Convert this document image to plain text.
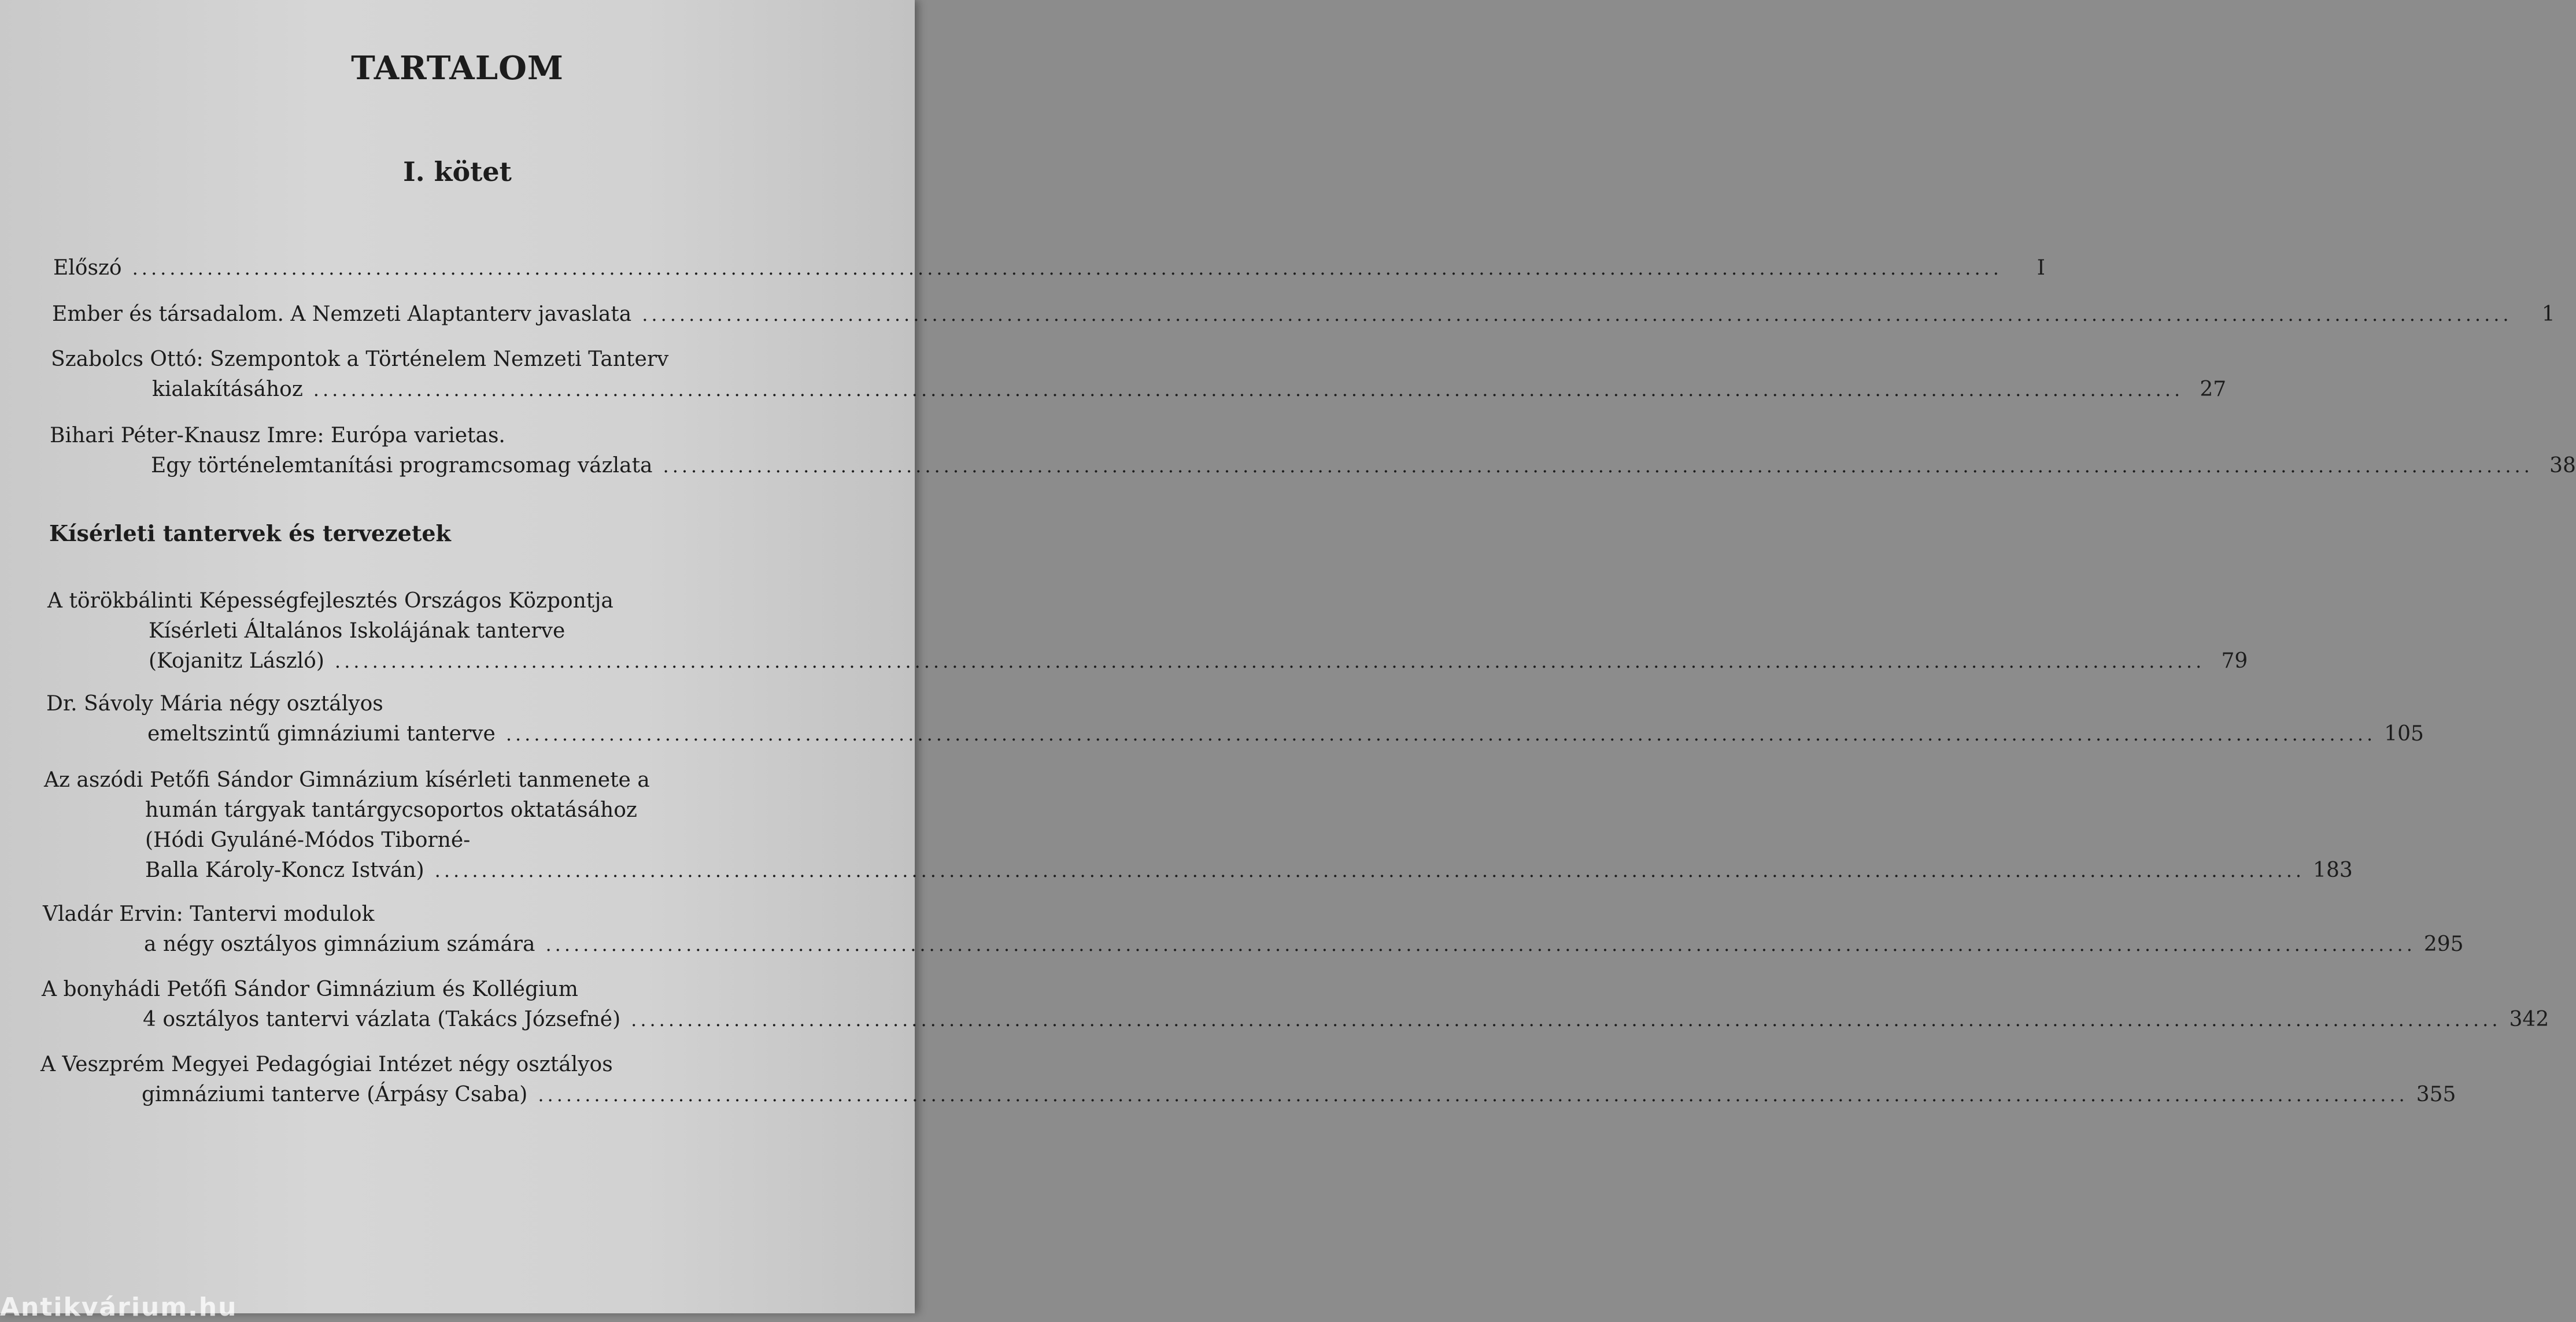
TARTALOM
I. kötet
Kísérleti tantervek és tervezetek
Előszó ........................................................................................................................................................................................................	I
Ember és társadalom. A Nemzeti Alaptanterv javaslata ........................................................................................................................................................................................................	1
Szabolcs Ottó: Szempontok a Történelem Nemzeti Tanterv
kialakításához ........................................................................................................................................................................................................ 27
Bihari Péter-Knausz Imre: Európa varietas.
Egy történelemtanítási programcsomag vázlata ........................................................................................................................................................................................................ 38
A törökbálinti Képességfejlesztés Országos Központja
Kísérleti Általános Iskolájának tanterve
(Kojanitz László) ........................................................................................................................................................................................................ 79
Dr. Sávoly Mária négy osztályos
emeltszintű gimnáziumi tanterve ........................................................................................................................................................................................................ 105
Az aszódi Petőfi Sándor Gimnázium kísérleti tanmenete a
humán tárgyak tantárgycsoportos oktatásához
(Hódi Gyuláné-Módos Tiborné-
Balla Károly-Koncz István) ........................................................................................................................................................................................................ 183
Vladár Ervin: Tantervi modulok
a négy osztályos gimnázium számára ........................................................................................................................................................................................................ 295
A bonyhádi Petőfi Sándor Gimnázium és Kollégium
4 osztályos tantervi vázlata (Takács Józsefné) ........................................................................................................................................................................................................ 342
A Veszprém Megyei Pedagógiai Intézet négy osztályos
gimnáziumi tanterve (Árpásy Csaba) ........................................................................................................................................................................................................ 355
Antikvárium.hu
